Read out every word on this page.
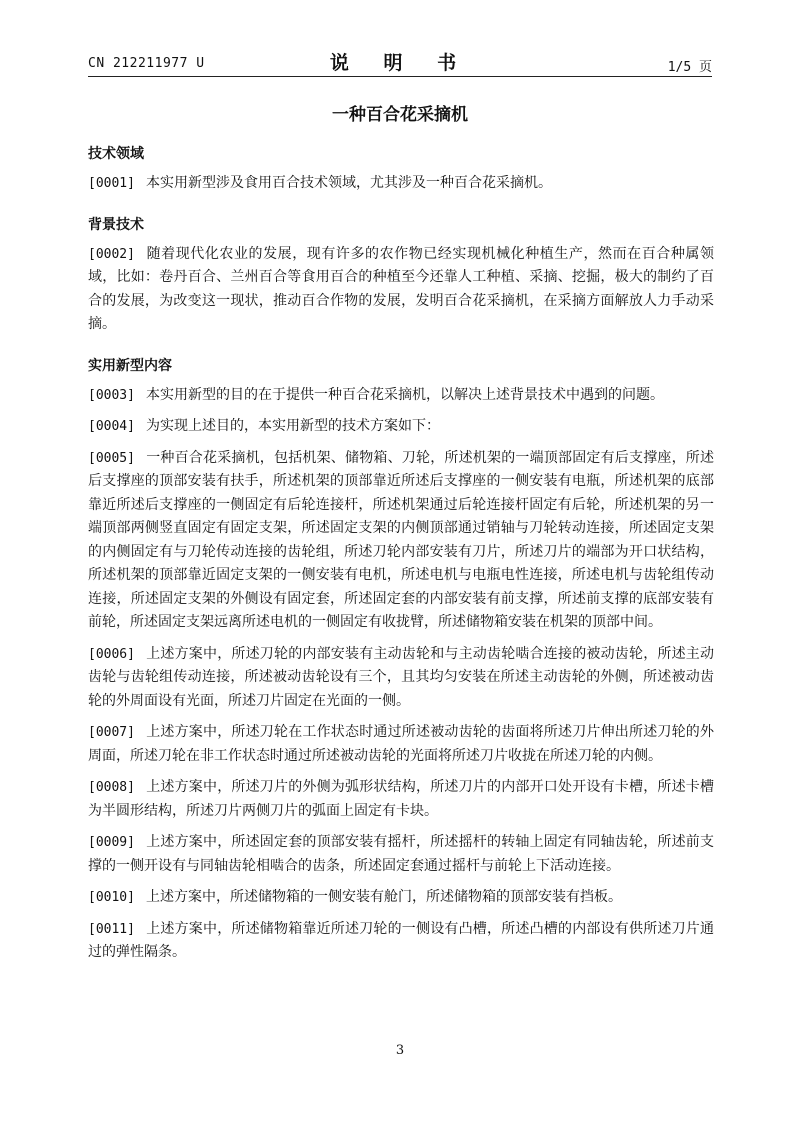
CN 212211977 U	说 明 书	1/5 页
一种百合花采摘机
技术领域

[0001] 本实用新型涉及食用百合技术领域，尤其涉及一种百合花采摘机。

背景技术

[0002] 随着现代化农业的发展，现有许多的农作物已经实现机械化种植生产，然而在百合种属领域，比如：卷丹百合、兰州百合等食用百合的种植至今还靠人工种植、采摘、挖掘，极大的制约了百合的发展，为改变这一现状，推动百合作物的发展，发明百合花采摘机，在采摘方面解放人力手动采摘。

实用新型内容

[0003] 本实用新型的目的在于提供一种百合花采摘机，以解决上述背景技术中遇到的问题。

[0004] 为实现上述目的，本实用新型的技术方案如下：

[0005] 一种百合花采摘机，包括机架、储物箱、刀轮，所述机架的一端顶部固定有后支撑座，所述后支撑座的顶部安装有扶手，所述机架的顶部靠近所述后支撑座的一侧安装有电瓶，所述机架的底部靠近所述后支撑座的一侧固定有后轮连接杆，所述机架通过后轮连接杆固定有后轮，所述机架的另一端顶部两侧竖直固定有固定支架，所述固定支架的内侧顶部通过销轴与刀轮转动连接，所述固定支架的内侧固定有与刀轮传动连接的齿轮组，所述刀轮内部安装有刀片，所述刀片的端部为开口状结构，所述机架的顶部靠近固定支架的一侧安装有电机，所述电机与电瓶电性连接，所述电机与齿轮组传动连接，所述固定支架的外侧设有固定套，所述固定套的内部安装有前支撑，所述前支撑的底部安装有前轮，所述固定支架远离所述电机的一侧固定有收拢臂，所述储物箱安装在机架的顶部中间。

[0006] 上述方案中，所述刀轮的内部安装有主动齿轮和与主动齿轮啮合连接的被动齿轮，所述主动齿轮与齿轮组传动连接，所述被动齿轮设有三个，且其均匀安装在所述主动齿轮的外侧，所述被动齿轮的外周面设有光面，所述刀片固定在光面的一侧。

[0007] 上述方案中，所述刀轮在工作状态时通过所述被动齿轮的齿面将所述刀片伸出所述刀轮的外周面，所述刀轮在非工作状态时通过所述被动齿轮的光面将所述刀片收拢在所述刀轮的内侧。

[0008] 上述方案中，所述刀片的外侧为弧形状结构，所述刀片的内部开口处开设有卡槽，所述卡槽为半圆形结构，所述刀片两侧刀片的弧面上固定有卡块。

[0009] 上述方案中，所述固定套的顶部安装有摇杆，所述摇杆的转轴上固定有同轴齿轮，所述前支撑的一侧开设有与同轴齿轮相啮合的齿条，所述固定套通过摇杆与前轮上下活动连接。

[0010] 上述方案中，所述储物箱的一侧安装有舱门，所述储物箱的顶部安装有挡板。

[0011] 上述方案中，所述储物箱靠近所述刀轮的一侧设有凸槽，所述凸槽的内部设有供所述刀片通过的弹性隔条。

3
